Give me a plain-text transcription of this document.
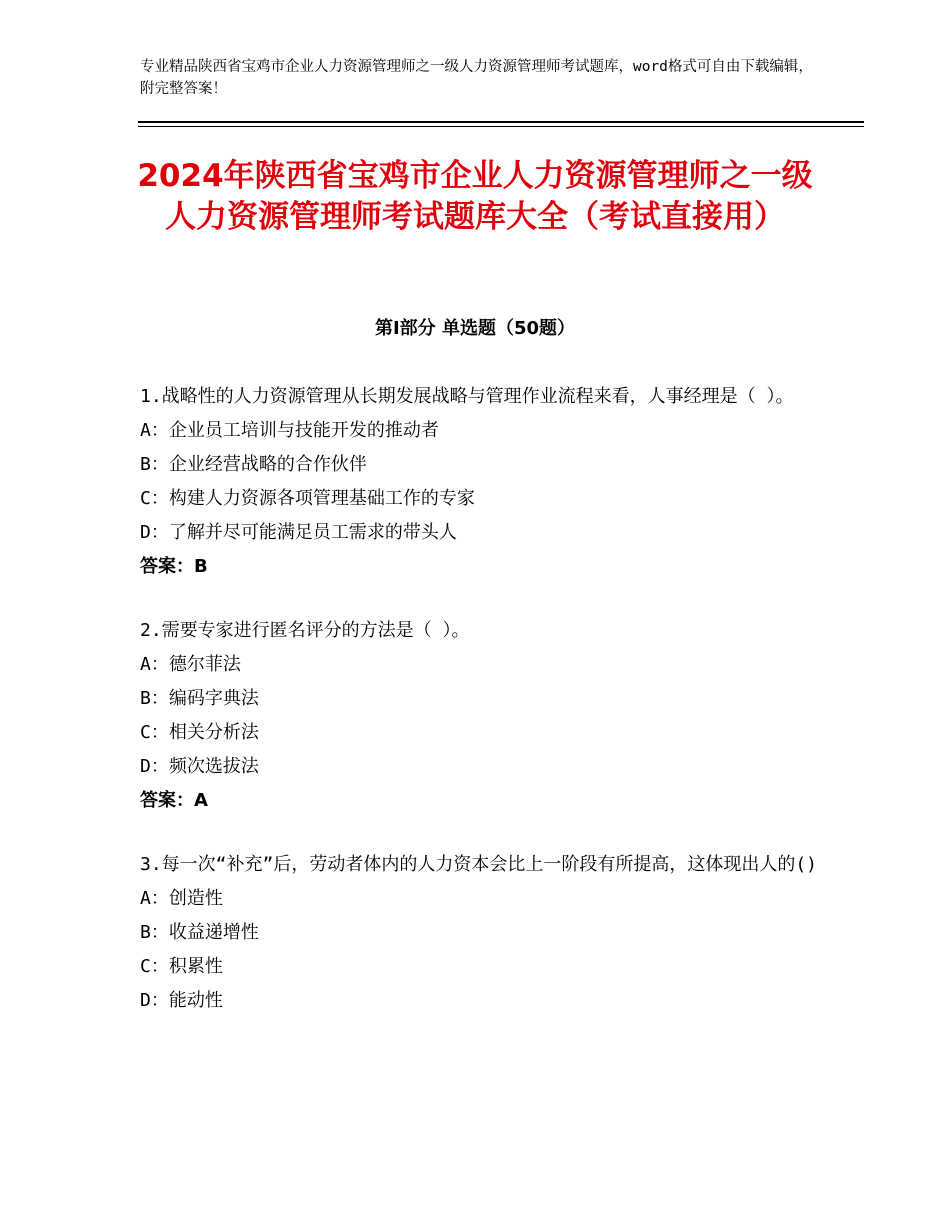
专业精品陕西省宝鸡市企业人力资源管理师之一级人力资源管理师考试题库，word格式可自由下载编辑，附完整答案！
2024年陕西省宝鸡市企业人力资源管理师之一级人力资源管理师考试题库大全（考试直接用）
第Ⅰ部分 单选题（50题）

1.战略性的人力资源管理从长期发展战略与管理作业流程来看，人事经理是（ ）。

A：企业员工培训与技能开发的推动者

B：企业经营战略的合作伙伴

C：构建人力资源各项管理基础工作的专家

D：了解并尽可能满足员工需求的带头人

答案：B

2.需要专家进行匿名评分的方法是（ ）。

A：德尔菲法

B：编码字典法

C：相关分析法

D：频次选拔法

答案：A

3.每一次“补充”后，劳动者体内的人力资本会比上一阶段有所提高，这体现出人的()

A：创造性

B：收益递增性

C：积累性

D：能动性
